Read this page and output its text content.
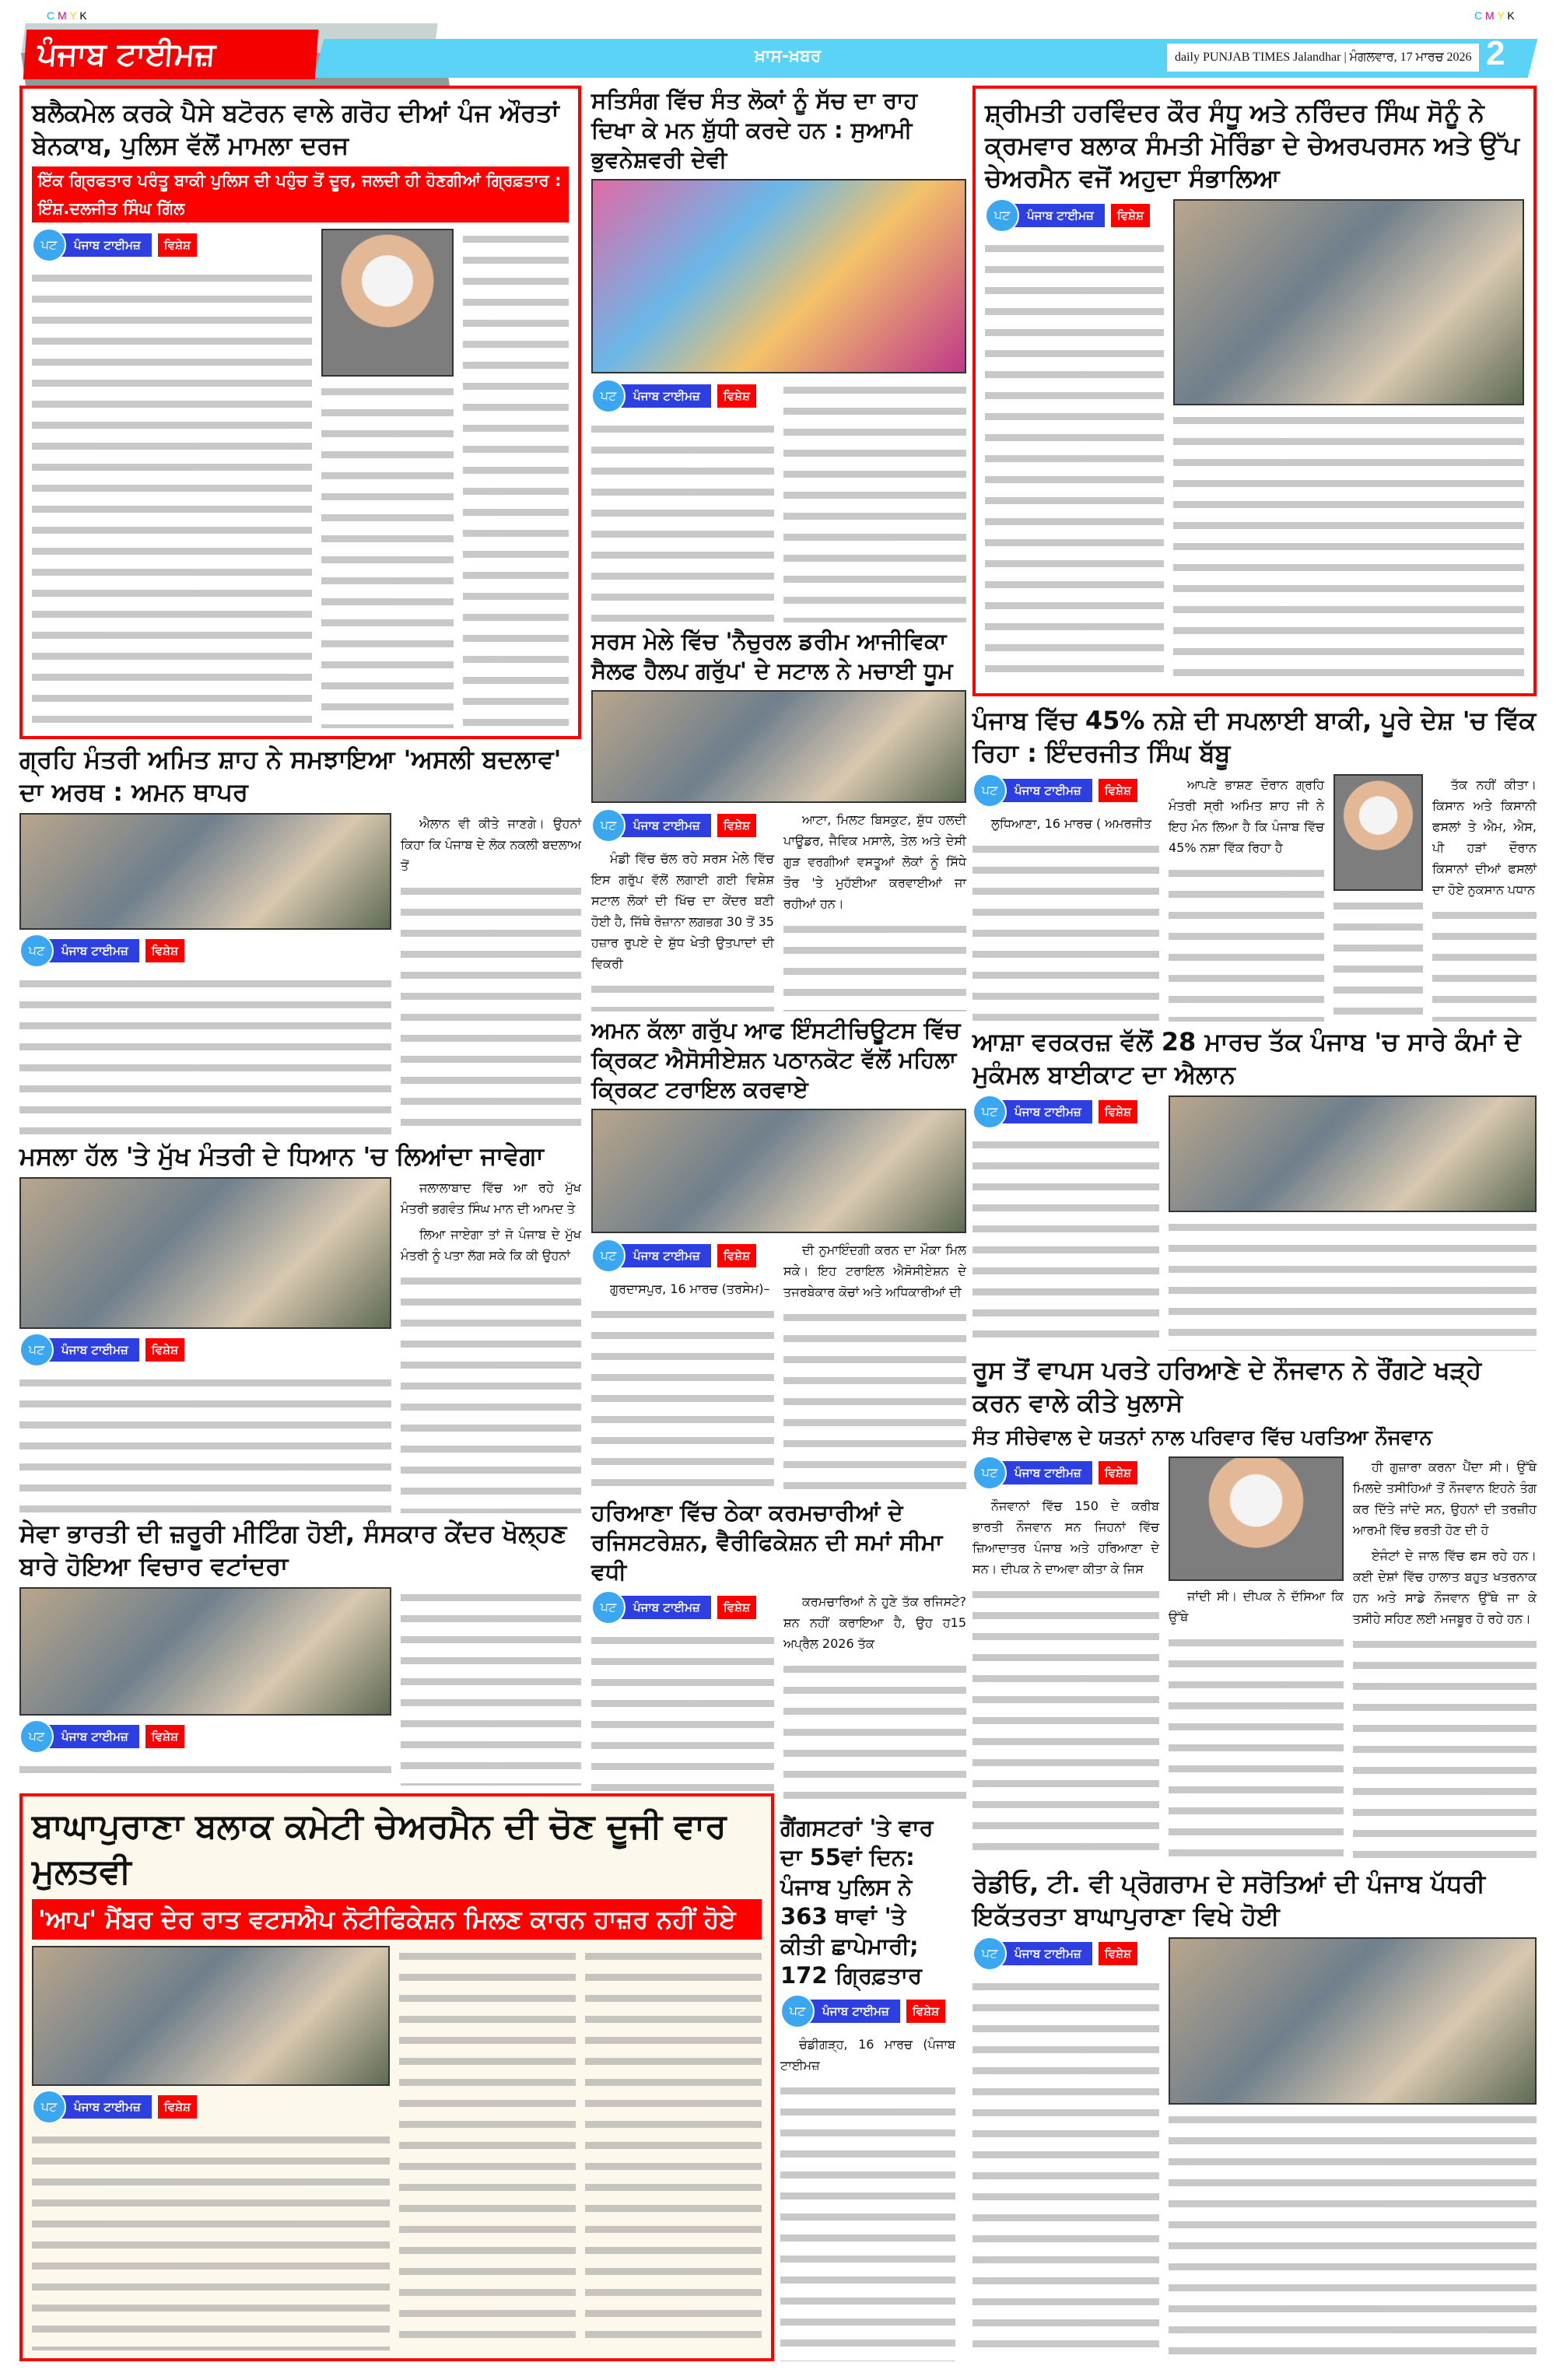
C M Y K	C M Y K
ਸਚ ਦਾ ਸਾਥੀ
ਪੰਜਾਬ ਟਾਈਮਜ਼	ਖ਼ਾਸ-ਖ਼ਬਰ	daily PUNJAB TIMES Jalandhar | ਮੰਗਲਵਾਰ, 17 ਮਾਰਚ 2026 2
ਬਲੈਕਮੇਲ ਕਰਕੇ ਪੈਸੇ ਬਟੋਰਨ ਵਾਲੇ ਗਰੋਹ ਦੀਆਂ ਪੰਜ ਔਰਤਾਂ ਬੇਨਕਾਬ, ਪੁਲਿਸ ਵੱਲੋਂ ਮਾਮਲਾ ਦਰਜ
ਇੱਕ ਗ੍ਰਿਫਤਾਰ ਪਰੰਤੂ ਬਾਕੀ ਪੁਲਿਸ ਦੀ ਪਹੁੰਚ ਤੋਂ ਦੂਰ, ਜਲਦੀ ਹੀ ਹੋਣਗੀਆਂ ਗ੍ਰਿਫ਼ਤਾਰ : ਇੰਸ਼.ਦਲਜੀਤ ਸਿੰਘ ਗਿੱਲ
ਪਟ	ਪੰਜਾਬ ਟਾਈਮਜ਼	ਵਿਸ਼ੇਸ਼
ਸਤਿਸੰਗ ਵਿੱਚ ਸੰਤ ਲੋਕਾਂ ਨੂੰ ਸੱਚ ਦਾ ਰਾਹ ਦਿਖਾ ਕੇ ਮਨ ਸ਼ੁੱਧੀ ਕਰਦੇ ਹਨ : ਸੁਆਮੀ ਭੁਵਨੇਸ਼ਵਰੀ ਦੇਵੀ
ਪਟ	ਪੰਜਾਬ ਟਾਈਮਜ਼	ਵਿਸ਼ੇਸ਼
ਸ਼੍ਰੀਮਤੀ ਹਰਵਿੰਦਰ ਕੌਰ ਸੰਧੂ ਅਤੇ ਨਰਿੰਦਰ ਸਿੰਘ ਸੋਨੂੰ ਨੇ ਕ੍ਰਮਵਾਰ ਬਲਾਕ ਸੰਮਤੀ ਮੋਰਿੰਡਾ ਦੇ ਚੇਅਰਪਰਸਨ ਅਤੇ ਉੱਪ ਚੇਅਰਮੈਨ ਵਜੋਂ ਅਹੁਦਾ ਸੰਭਾਲਿਆ
ਪਟ	ਪੰਜਾਬ ਟਾਈਮਜ਼	ਵਿਸ਼ੇਸ਼
ਗ੍ਰਹਿ ਮੰਤਰੀ ਅਮਿਤ ਸ਼ਾਹ ਨੇ ਸਮਝਾਇਆ 'ਅਸਲੀ ਬਦਲਾਵ' ਦਾ ਅਰਥ : ਅਮਨ ਥਾਪਰ
ਪਟ	ਪੰਜਾਬ ਟਾਈਮਜ਼	ਵਿਸ਼ੇਸ਼

ਐਲਾਨ ਵੀ ਕੀਤੇ ਜਾਣਗੇ। ਉਹਨਾਂ ਕਿਹਾ ਕਿ ਪੰਜਾਬ ਦੇ ਲੋਕ ਨਕਲੀ ਬਦਲਾਅ ਤੋਂ

ਸਰਸ ਮੇਲੇ ਵਿੱਚ 'ਨੈਚੁਰਲ ਡਰੀਮ ਆਜੀਵਿਕਾ ਸੈਲਫ ਹੈਲਪ ਗਰੁੱਪ' ਦੇ ਸਟਾਲ ਨੇ ਮਚਾਈ ਧੂਮ
ਪਟ	ਪੰਜਾਬ ਟਾਈਮਜ਼	ਵਿਸ਼ੇਸ਼

ਮੰਡੀ ਵਿੱਚ ਚੱਲ ਰਹੇ ਸਰਸ ਮੇਲੇ ਵਿੱਚ ਇਸ ਗਰੁੱਪ ਵੱਲੋਂ ਲਗਾਈ ਗਈ ਵਿਸ਼ੇਸ਼ ਸਟਾਲ ਲੋਕਾਂ ਦੀ ਖਿੱਚ ਦਾ ਕੇਂਦਰ ਬਣੀ ਹੋਈ ਹੈ, ਜਿੱਥੇ ਰੋਜ਼ਾਨਾ ਲਗਭਗ 30 ਤੋਂ 35 ਹਜ਼ਾਰ ਰੁਪਏ ਦੇ ਸ਼ੁੱਧ ਖੇਤੀ ਉਤਪਾਦਾਂ ਦੀ ਵਿਕਰੀ

ਆਟਾ, ਮਿਲਟ ਬਿਸਕੁਟ, ਸ਼ੁੱਧ ਹਲਦੀ ਪਾਊਡਰ, ਜੈਵਿਕ ਮਸਾਲੇ, ਤੇਲ ਅਤੇ ਦੇਸੀ ਗੁੜ ਵਰਗੀਆਂ ਵਸਤੂਆਂ ਲੋਕਾਂ ਨੂੰ ਸਿੱਧੇ ਤੌਰ 'ਤੇ ਮੁਹੱਈਆ ਕਰਵਾਈਆਂ ਜਾ ਰਹੀਆਂ ਹਨ।

ਪੰਜਾਬ ਵਿੱਚ 45% ਨਸ਼ੇ ਦੀ ਸਪਲਾਈ ਬਾਕੀ, ਪੂਰੇ ਦੇਸ਼ 'ਚ ਵਿੱਕ ਰਿਹਾ : ਇੰਦਰਜੀਤ ਸਿੰਘ ਬੱਬੂ
ਪਟ	ਪੰਜਾਬ ਟਾਈਮਜ਼	ਵਿਸ਼ੇਸ਼

ਲੁਧਿਆਣਾ, 16 ਮਾਰਚ ( ਅਮਰਜੀਤ

ਆਪਣੇ ਭਾਸ਼ਣ ਦੌਰਾਨ ਗ੍ਰਹਿ ਮੰਤਰੀ ਸ੍ਰੀ ਅਮਿਤ ਸ਼ਾਹ ਜੀ ਨੇ ਇਹ ਮੰਨ ਲਿਆ ਹੈ ਕਿ ਪੰਜਾਬ ਵਿੱਚ 45% ਨਸ਼ਾ ਵਿੱਕ ਰਿਹਾ ਹੈ

ਤੱਕ ਨਹੀਂ ਕੀਤਾ। ਕਿਸਾਨ ਅਤੇ ਕਿਸਾਨੀ ਫਸਲਾਂ ਤੇ ਐਮ, ਐਸ, ਪੀ ਹੜਾਂ ਦੌਰਾਨ ਕਿਸਾਨਾਂ ਦੀਆਂ ਫਸਲਾਂ ਦਾ ਹੋਏ ਨੁਕਸਾਨ ਪਧਾਨ

ਆਸ਼ਾ ਵਰਕਰਜ਼ ਵੱਲੋਂ 28 ਮਾਰਚ ਤੱਕ ਪੰਜਾਬ 'ਚ ਸਾਰੇ ਕੰਮਾਂ ਦੇ ਮੁਕੰਮਲ ਬਾਈਕਾਟ ਦਾ ਐਲਾਨ
ਪਟ	ਪੰਜਾਬ ਟਾਈਮਜ਼	ਵਿਸ਼ੇਸ਼
ਮਸਲਾ ਹੱਲ 'ਤੇ ਮੁੱਖ ਮੰਤਰੀ ਦੇ ਧਿਆਨ 'ਚ ਲਿਆਂਦਾ ਜਾਵੇਗਾ
ਪਟ	ਪੰਜਾਬ ਟਾਈਮਜ਼	ਵਿਸ਼ੇਸ਼

ਜਲਾਲਾਬਾਦ ਵਿੱਚ ਆ ਰਹੇ ਮੁੱਖ ਮੰਤਰੀ ਭਗਵੰਤ ਸਿੰਘ ਮਾਨ ਦੀ ਆਮਦ ਤੇ

ਲਿਆ ਜਾਏਗਾ ਤਾਂ ਜੋ ਪੰਜਾਬ ਦੇ ਮੁੱਖ ਮੰਤਰੀ ਨੂੰ ਪਤਾ ਲੱਗ ਸਕੇ ਕਿ ਕੀ ਉਹਨਾਂ

ਅਮਨ ਕੱਲਾ ਗਰੁੱਪ ਆਫ ਇੰਸਟੀਚਿਊਟਸ ਵਿੱਚ ਕ੍ਰਿਕਟ ਐਸੋਸੀਏਸ਼ਨ ਪਠਾਨਕੋਟ ਵੱਲੋਂ ਮਹਿਲਾ ਕ੍ਰਿਕਟ ਟਰਾਇਲ ਕਰਵਾਏ
ਪਟ	ਪੰਜਾਬ ਟਾਈਮਜ਼	ਵਿਸ਼ੇਸ਼

ਗੁਰਦਾਸਪੁਰ, 16 ਮਾਰਚ (ਤਰਸੇਮ)–

ਦੀ ਨੁਮਾਇੰਦਗੀ ਕਰਨ ਦਾ ਮੌਕਾ ਮਿਲ ਸਕੇ। ਇਹ ਟਰਾਇਲ ਐਸੋਸੀਏਸ਼ਨ ਦੇ ਤਜਰਬੇਕਾਰ ਕੋਚਾਂ ਅਤੇ ਅਧਿਕਾਰੀਆਂ ਦੀ

ਰੂਸ ਤੋਂ ਵਾਪਸ ਪਰਤੇ ਹਰਿਆਣੇ ਦੇ ਨੌਜਵਾਨ ਨੇ ਰੌਂਗਟੇ ਖੜ੍ਹੇ ਕਰਨ ਵਾਲੇ ਕੀਤੇ ਖੁਲਾਸੇ
ਸੰਤ ਸੀਚੇਵਾਲ ਦੇ ਯਤਨਾਂ ਨਾਲ ਪਰਿਵਾਰ ਵਿੱਚ ਪਰਤਿਆ ਨੌਜਵਾਨ
ਪਟ	ਪੰਜਾਬ ਟਾਈਮਜ਼	ਵਿਸ਼ੇਸ਼

ਨੌਜਵਾਨਾਂ ਵਿੱਚ 150 ਦੇ ਕਰੀਬ ਭਾਰਤੀ ਨੌਜਵਾਨ ਸਨ ਜਿਹਨਾਂ ਵਿੱਚ ਜ਼ਿਆਦਾਤਰ ਪੰਜਾਬ ਅਤੇ ਹਰਿਆਣਾ ਦੇ ਸਨ। ਦੀਪਕ ਨੇ ਦਾਅਵਾ ਕੀਤਾ ਕੇ ਜਿਸ

ਜਾਂਦੀ ਸੀ। ਦੀਪਕ ਨੇ ਦੱਸਿਆ ਕਿ ਉੱਥੇ

ਹੀ ਗੁਜ਼ਾਰਾ ਕਰਨਾ ਪੈਂਦਾ ਸੀ। ਉੱਥੇ ਮਿਲਦੇ ਤਸੀਹਿਆਂ ਤੋਂ ਨੌਜਵਾਨ ਇਹਨੇ ਤੰਗ ਕਰ ਦਿੱਤੇ ਜਾਂਦੇ ਸਨ, ਉਹਨਾਂ ਦੀ ਤਰਜ਼ੀਹ ਆਰਮੀ ਵਿੱਚ ਭਰਤੀ ਹੋਣ ਦੀ ਹੋ

ਏਜੰਟਾਂ ਦੇ ਜਾਲ ਵਿੱਚ ਫਸ ਰਹੇ ਹਨ। ਕਈ ਦੇਸ਼ਾਂ ਵਿੱਚ ਹਾਲਾਤ ਬਹੁਤ ਖਤਰਨਾਕ ਹਨ ਅਤੇ ਸਾਡੇ ਨੌਜਵਾਨ ਉੱਥੇ ਜਾ ਕੇ ਤਸੀਹੇ ਸਹਿਣ ਲਈ ਮਜਬੂਰ ਹੋ ਰਹੇ ਹਨ।

ਸੇਵਾ ਭਾਰਤੀ ਦੀ ਜ਼ਰੂਰੀ ਮੀਟਿੰਗ ਹੋਈ, ਸੰਸਕਾਰ ਕੇਂਦਰ ਖੋਲ੍ਹਣ ਬਾਰੇ ਹੋਇਆ ਵਿਚਾਰ ਵਟਾਂਦਰਾ
ਪਟ	ਪੰਜਾਬ ਟਾਈਮਜ਼	ਵਿਸ਼ੇਸ਼
ਹਰਿਆਣਾ ਵਿੱਚ ਠੇਕਾ ਕਰਮਚਾਰੀਆਂ ਦੇ ਰਜਿਸਟਰੇਸ਼ਨ, ਵੈਰੀਫਿਕੇਸ਼ਨ ਦੀ ਸਮਾਂ ਸੀਮਾ ਵਧੀ
ਪਟ	ਪੰਜਾਬ ਟਾਈਮਜ਼	ਵਿਸ਼ੇਸ਼	ਕਰਮਚਾਰਿਆਂ ਨੇ ਹੁਣੇ ਤੱਕ ਰਜਿਸਟੇ?ਸ਼ਨ ਨਹੀਂ ਕਰਾਇਆ ਹੈ, ਉਹ ਹ15 ਅਪ੍ਰੈਲ 2026 ਤੱਕ

ਬਾਘਾਪੁਰਾਣਾ ਬਲਾਕ ਕਮੇਟੀ ਚੇਅਰਮੈਨ ਦੀ ਚੋਣ ਦੂਜੀ ਵਾਰ ਮੁਲਤਵੀ
'ਆਪ' ਮੈਂਬਰ ਦੇਰ ਰਾਤ ਵਟਸਐਪ ਨੋਟੀਫਿਕੇਸ਼ਨ ਮਿਲਣ ਕਾਰਨ ਹਾਜ਼ਰ ਨਹੀਂ ਹੋਏ
ਪਟ	ਪੰਜਾਬ ਟਾਈਮਜ਼	ਵਿਸ਼ੇਸ਼
ਗੈਂਗਸਟਰਾਂ 'ਤੇ ਵਾਰ ਦਾ 55ਵਾਂ ਦਿਨ: ਪੰਜਾਬ ਪੁਲਿਸ ਨੇ 363 ਥਾਵਾਂ 'ਤੇ ਕੀਤੀ ਛਾਪੇਮਾਰੀ; 172 ਗ੍ਰਿਫ਼ਤਾਰ
ਪਟ	ਪੰਜਾਬ ਟਾਈਮਜ਼	ਵਿਸ਼ੇਸ਼

ਚੰਡੀਗੜ੍ਹ, 16 ਮਾਰਚ (ਪੰਜਾਬ ਟਾਈਮਜ਼

ਰੇਡੀਓ, ਟੀ. ਵੀ ਪ੍ਰੋਗਰਾਮ ਦੇ ਸਰੋਤਿਆਂ ਦੀ ਪੰਜਾਬ ਪੱਧਰੀ ਇਕੱਤਰਤਾ ਬਾਘਾਪੁਰਾਣਾ ਵਿਖੇ ਹੋਈ
ਪਟ	ਪੰਜਾਬ ਟਾਈਮਜ਼	ਵਿਸ਼ੇਸ਼
